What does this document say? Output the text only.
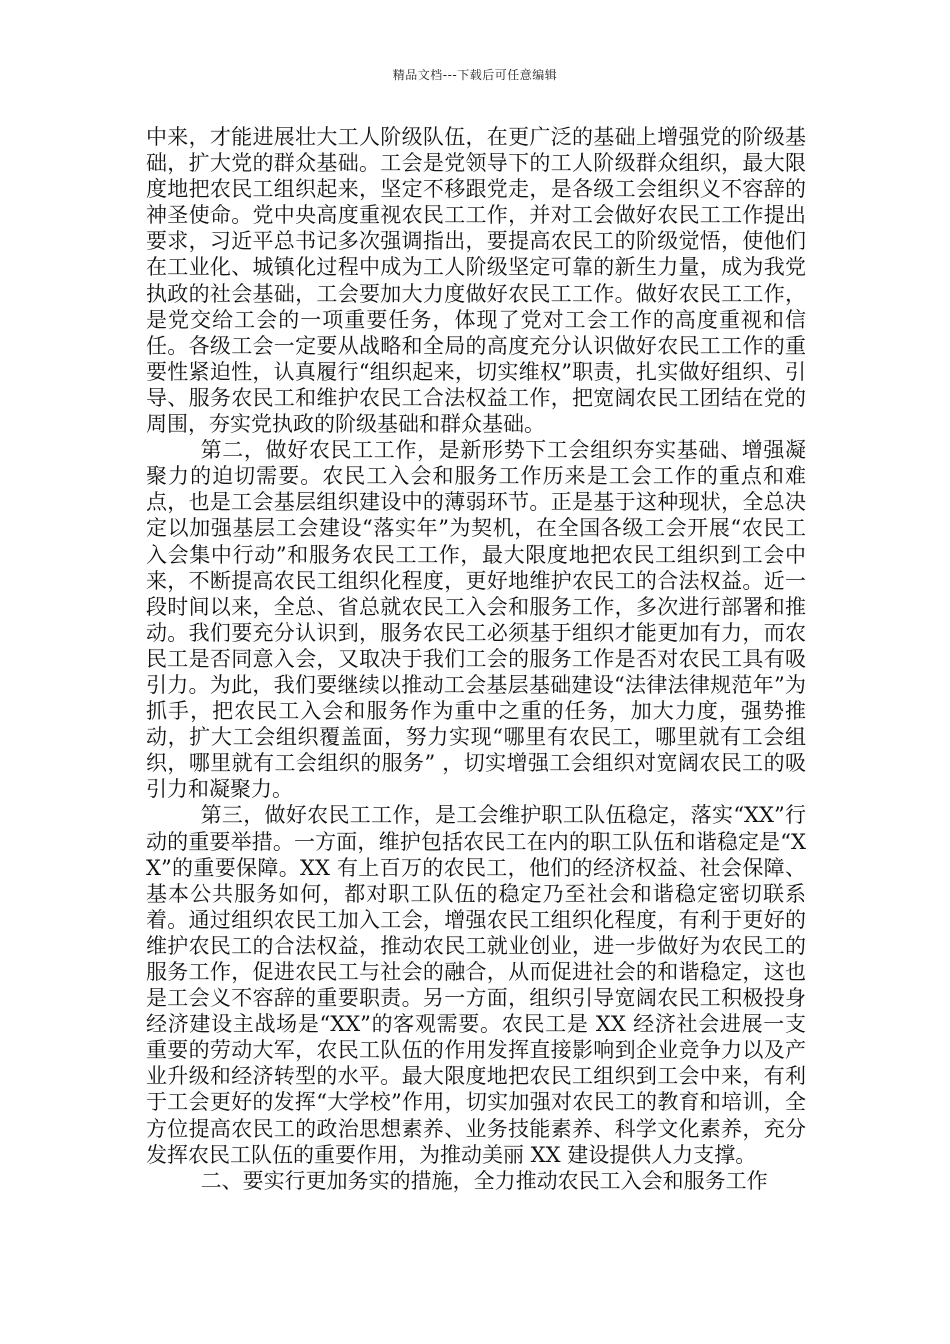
精品文档---下载后可任意编辑

中来，才能进展壮大工人阶级队伍，在更广泛的基础上增强党的阶级基础，扩大党的群众基础。工会是党领导下的工人阶级群众组织，最大限度地把农民工组织起来，坚定不移跟党走，是各级工会组织义不容辞的神圣使命。党中央高度重视农民工工作，并对工会做好农民工工作提出要求，习近平总书记多次强调指出，要提高农民工的阶级觉悟，使他们在工业化、城镇化过程中成为工人阶级坚定可靠的新生力量，成为我党执政的社会基础，工会要加大力度做好农民工工作。做好农民工工作，是党交给工会的一项重要任务，体现了党对工会工作的高度重视和信任。各级工会一定要从战略和全局的高度充分认识做好农民工工作的重要性紧迫性，认真履行“组织起来，切实维权”职责，扎实做好组织、引导、服务农民工和维护农民工合法权益工作，把宽阔农民工团结在党的周围，夯实党执政的阶级基础和群众基础。

第二，做好农民工工作，是新形势下工会组织夯实基础、增强凝聚力的迫切需要。农民工入会和服务工作历来是工会工作的重点和难点，也是工会基层组织建设中的薄弱环节。正是基于这种现状，全总决定以加强基层工会建设“落实年”为契机，在全国各级工会开展“农民工入会集中行动”和服务农民工工作，最大限度地把农民工组织到工会中来，不断提高农民工组织化程度，更好地维护农民工的合法权益。近一段时间以来，全总、省总就农民工入会和服务工作，多次进行部署和推动。我们要充分认识到，服务农民工必须基于组织才能更加有力，而农民工是否同意入会，又取决于我们工会的服务工作是否对农民工具有吸引力。为此，我们要继续以推动工会基层基础建设“法律法律规范年”为抓手，把农民工入会和服务作为重中之重的任务，加大力度，强势推动，扩大工会组织覆盖面，努力实现“哪里有农民工，哪里就有工会组织，哪里就有工会组织的服务” ，切实增强工会组织对宽阔农民工的吸引力和凝聚力。

第三，做好农民工工作，是工会维护职工队伍稳定，落实“XX”行动的重要举措。一方面，维护包括农民工在内的职工队伍和谐稳定是“XX”的重要保障。XX 有上百万的农民工，他们的经济权益、社会保障、基本公共服务如何，都对职工队伍的稳定乃至社会和谐稳定密切联系着。通过组织农民工加入工会，增强农民工组织化程度，有利于更好的维护农民工的合法权益，推动农民工就业创业，进一步做好为农民工的服务工作，促进农民工与社会的融合，从而促进社会的和谐稳定，这也是工会义不容辞的重要职责。另一方面，组织引导宽阔农民工积极投身经济建设主战场是“XX”的客观需要。农民工是 XX 经济社会进展一支重要的劳动大军，农民工队伍的作用发挥直接影响到企业竞争力以及产业升级和经济转型的水平。最大限度地把农民工组织到工会中来，有利于工会更好的发挥“大学校”作用，切实加强对农民工的教育和培训，全方位提高农民工的政治思想素养、业务技能素养、科学文化素养，充分发挥农民工队伍的重要作用，为推动美丽 XX 建设提供人力支撑。

二、要实行更加务实的措施，全力推动农民工入会和服务工作
